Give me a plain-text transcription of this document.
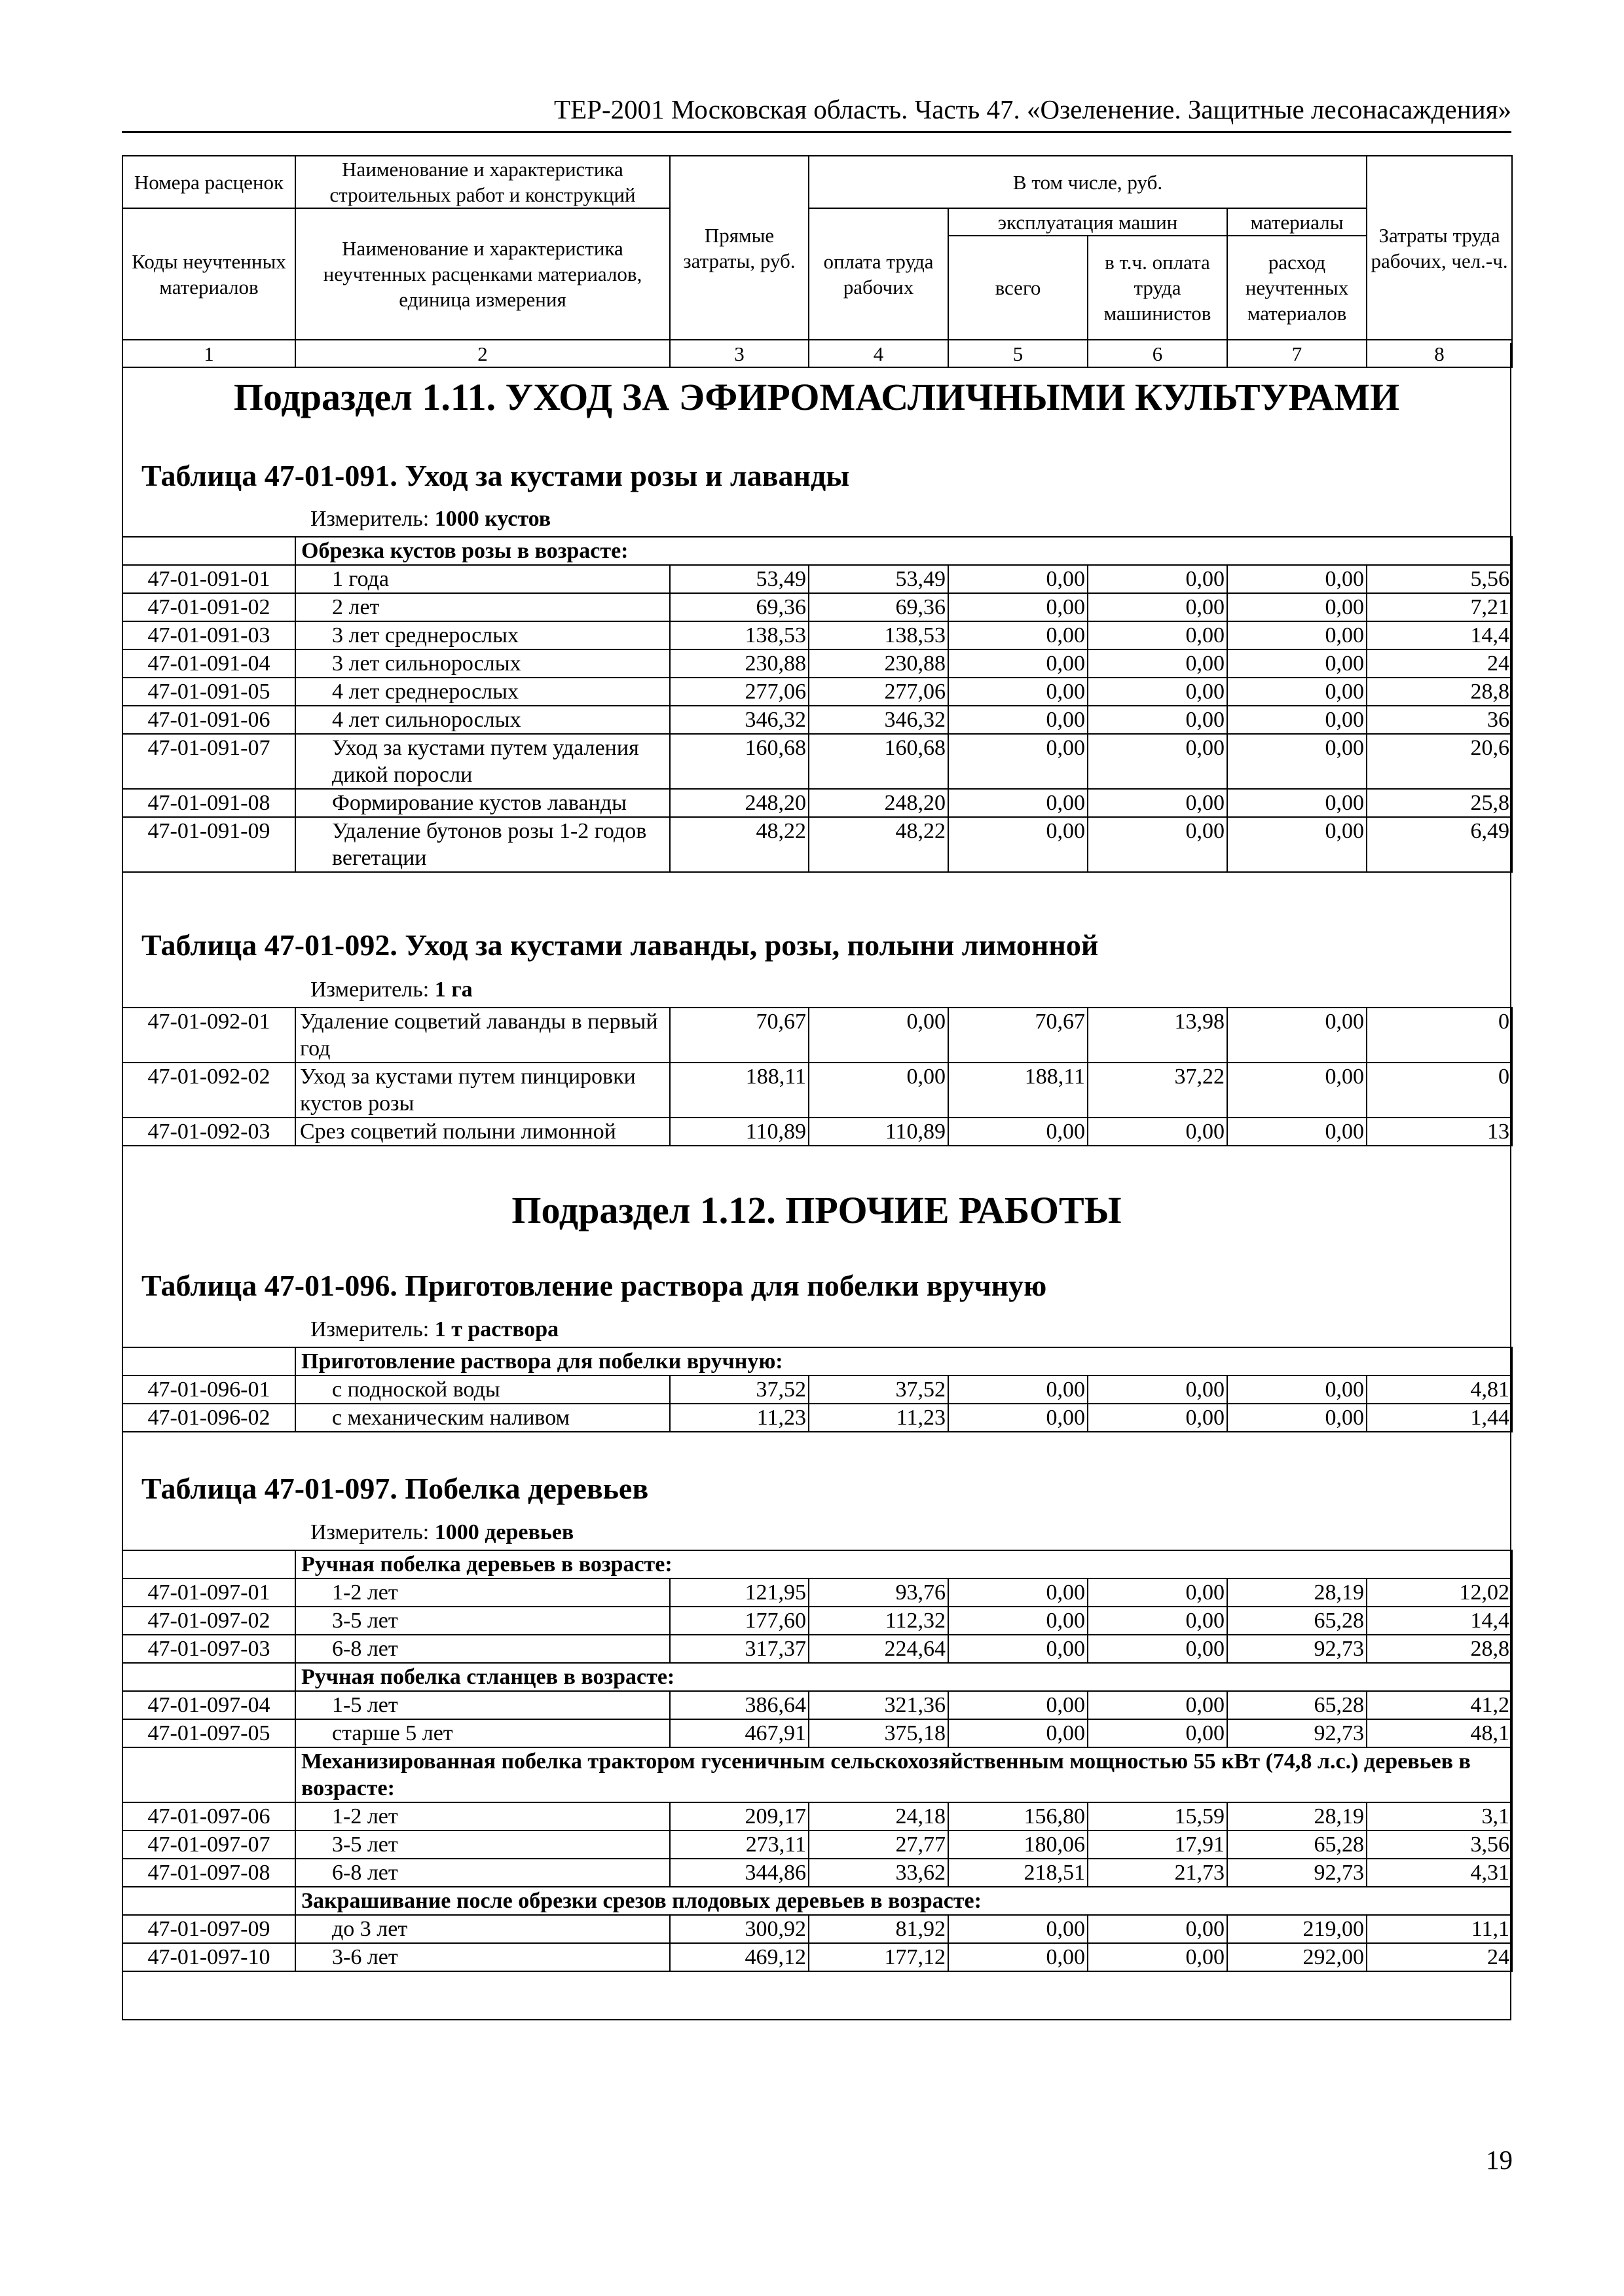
ТЕР-2001 Московская область. Часть 47. «Озеленение. Защитные лесонасаждения»
Номера расценок	Наименование и характеристика строительных работ и конструкций	Прямые затраты, руб.	В том числе, руб.				Затраты труда рабочих, чел.-ч.
Коды неучтенных материалов	Наименование и характеристика неучтенных расценками материалов, единица измерения		оплата труда рабочих	эксплуатация машин		материалы	
				всего	в т.ч. оплата труда машинистов	расход неучтенных материалов	
1	2	3	4	5	6	7	8
Подраздел 1.11. УХОД ЗА ЭФИРОМАСЛИЧНЫМИ КУЛЬТУРАМИ
Таблица 47-01-091. Уход за кустами розы и лаванды
Измеритель: 1000 кустов
	Обрезка кустов розы в возрасте:						
47-01-091-01	1 года	53,49	53,49	0,00	0,00	0,00	5,56
47-01-091-02	2 лет	69,36	69,36	0,00	0,00	0,00	7,21
47-01-091-03	3 лет среднерослых	138,53	138,53	0,00	0,00	0,00	14,4
47-01-091-04	3 лет сильнорослых	230,88	230,88	0,00	0,00	0,00	24
47-01-091-05	4 лет среднерослых	277,06	277,06	0,00	0,00	0,00	28,8
47-01-091-06	4 лет сильнорослых	346,32	346,32	0,00	0,00	0,00	36
47-01-091-07	Уход за кустами путем удаления дикой поросли	160,68	160,68	0,00	0,00	0,00	20,6
47-01-091-08	Формирование кустов лаванды	248,20	248,20	0,00	0,00	0,00	25,8
47-01-091-09	Удаление бутонов розы 1-2 годов вегетации	48,22	48,22	0,00	0,00	0,00	6,49
Таблица 47-01-092. Уход за кустами лаванды, розы, полыни лимонной
Измеритель: 1 га
47-01-092-01	Удаление соцветий лаванды в первый год	70,67	0,00	70,67	13,98	0,00	0
47-01-092-02	Уход за кустами путем пинцировки кустов розы	188,11	0,00	188,11	37,22	0,00	0
47-01-092-03	Срез соцветий полыни лимонной	110,89	110,89	0,00	0,00	0,00	13
Подраздел 1.12. ПРОЧИЕ РАБОТЫ
Таблица 47-01-096. Приготовление раствора для побелки вручную
Измеритель: 1 т раствора
	Приготовление раствора для побелки вручную:						
47-01-096-01	с подноской воды	37,52	37,52	0,00	0,00	0,00	4,81
47-01-096-02	с механическим наливом	11,23	11,23	0,00	0,00	0,00	1,44
Таблица 47-01-097. Побелка деревьев
Измеритель: 1000 деревьев
	Ручная побелка деревьев в возрасте:						
47-01-097-01	1-2 лет	121,95	93,76	0,00	0,00	28,19	12,02
47-01-097-02	3-5 лет	177,60	112,32	0,00	0,00	65,28	14,4
47-01-097-03	6-8 лет	317,37	224,64	0,00	0,00	92,73	28,8
	Ручная побелка стланцев в возрасте:						
47-01-097-04	1-5 лет	386,64	321,36	0,00	0,00	65,28	41,2
47-01-097-05	старше 5 лет	467,91	375,18	0,00	0,00	92,73	48,1
	Механизированная побелка трактором гусеничным сельскохозяйственным мощностью 55 кВт (74,8 л.с.) деревьев в возрасте:						
47-01-097-06	1-2 лет	209,17	24,18	156,80	15,59	28,19	3,1
47-01-097-07	3-5 лет	273,11	27,77	180,06	17,91	65,28	3,56
47-01-097-08	6-8 лет	344,86	33,62	218,51	21,73	92,73	4,31
	Закрашивание после обрезки срезов плодовых деревьев в возрасте:						
47-01-097-09	до 3 лет	300,92	81,92	0,00	0,00	219,00	11,1
47-01-097-10	3-6 лет	469,12	177,12	0,00	0,00	292,00	24
19
